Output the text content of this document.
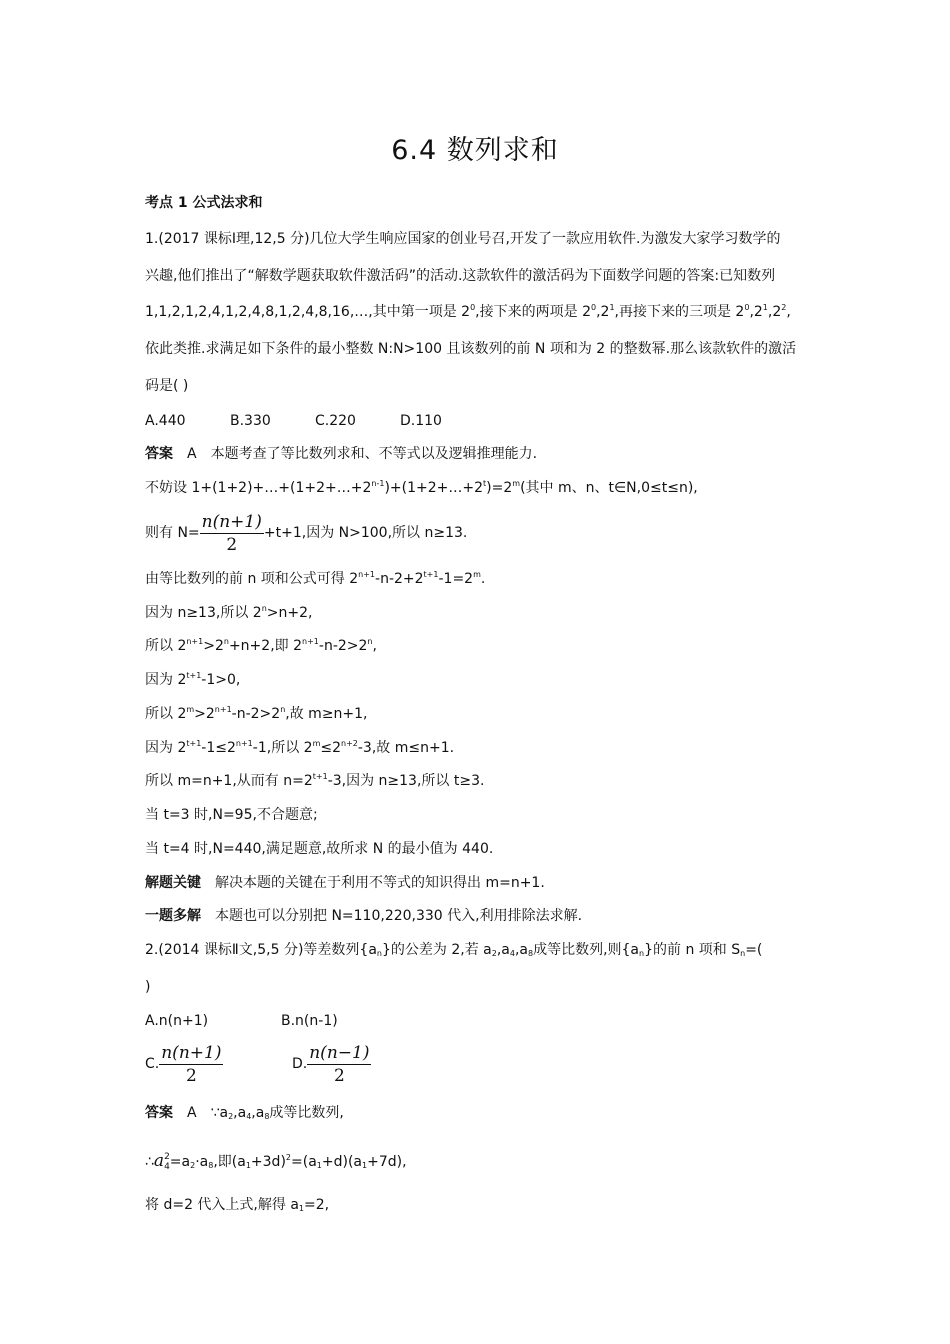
6.4 数列求和
考点 1 公式法求和
1.(2017 课标Ⅰ理,12,5 分)几位大学生响应国家的创业号召,开发了一款应用软件.为激发大家学习数学的
兴趣,他们推出了“解数学题获取软件激活码”的活动.这款软件的激活码为下面数学问题的答案:已知数列
1,1,2,1,2,4,1,2,4,8,1,2,4,8,16,…,其中第一项是 $2^0$,接下来的两项是 $2^0,2^1$,再接下来的三项是 $2^0,2^1,2^2$,
依此类推.求满足如下条件的最小整数 N:N>100 且该数列的前 N 项和为 2 的整数幂.那么该款软件的激活
码是( )
A.440	B.330	C.220	D.110
答案 A 本题考查了等比数列求和、不等式以及逻辑推理能力.
不妨设 $1+(1+2)+\dots+(1+2+\dots+2^{n-1})+(1+2+\dots+2^t)=2^m$(其中 m、n、t∈N,0≤t≤n),
则有 $N= \frac{n(n+1)}{2} +t+1$,因为 N>100,所以 n≥13.
由等比数列的前 n 项和公式可得 $2^{n+1}-n-2+2^{t+1}-1=2^m$.
因为 n≥13,所以 $2^n>n+2$,
所以 $2^{n+1}>2^n+n+2$,即 $2^{n+1}-n-2>2^n$,
因为 $2^{t+1}-1>0$,
所以 $2^m>2^{n+1}-n-2>2^n$,故 m≥n+1,
因为 $2^{t+1}-1\le 2^{n+1}-1$,所以 $2^m\le 2^{n+2}-3$,故 m≤n+1.
所以 m=n+1,从而有 $n=2^{t+1}-3$,因为 n≥13,所以 t≥3.
当 t=3 时,N=95,不合题意;
当 t=4 时,N=440,满足题意,故所求 N 的最小值为 440.
解题关键 解决本题的关键在于利用不等式的知识得出 m=n+1.
一题多解 本题也可以分别把 N=110,220,330 代入,利用排除法求解.
2.(2014 课标Ⅱ文,5,5 分)等差数列$\{a_n\}$的公差为 2,若 $a_2,a_4,a_8$成等比数列,则$\{a_n\}$的前 n 项和 $S_n=$(
)
A.n(n+1)	B.n(n-1)
C. $\frac{n(n+1)}{2}$	D. $\frac{n(n-1)}{2}$
答案 A $\because a_2,a_4,a_8$成等比数列,
∴a 2
$4 =a_2\cdot a_8$,即$(a_1+3d)^2=(a_1+d)(a_1+7d)$,
将 d=2 代入上式,解得 $a_1=2$,
